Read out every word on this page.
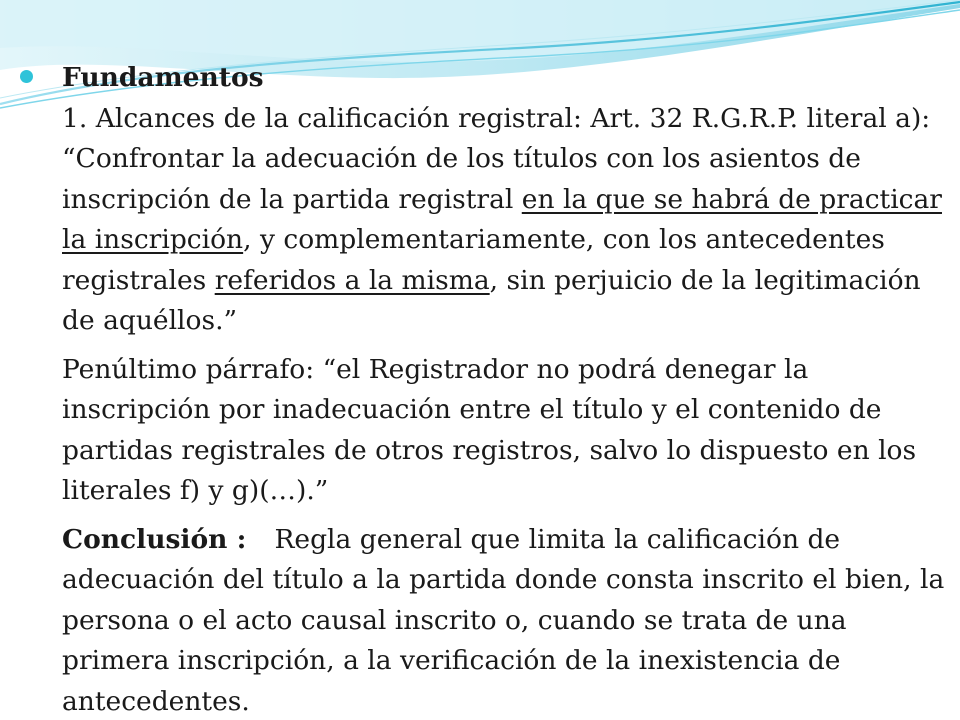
Fundamentos

1. Alcances de la calificación registral: Art. 32 R.G.R.P. literal a): “Confrontar la adecuación de los títulos con los asientos de inscripción de la partida registral en la que se habrá de practicar la inscripción, y complementariamente, con los antecedentes registrales referidos a la misma, sin perjuicio de la legitimación de aquéllos.”

Penúltimo párrafo: “el Registrador no podrá denegar la inscripción por inadecuación entre el título y el contenido de partidas registrales de otros registros, salvo lo dispuesto en los literales f) y g)(…).”

Conclusión : Regla general que limita la calificación de adecuación del título a la partida donde consta inscrito el bien, la persona o el acto causal inscrito o, cuando se trata de una primera inscripción, a la verificación de la inexistencia de antecedentes.
